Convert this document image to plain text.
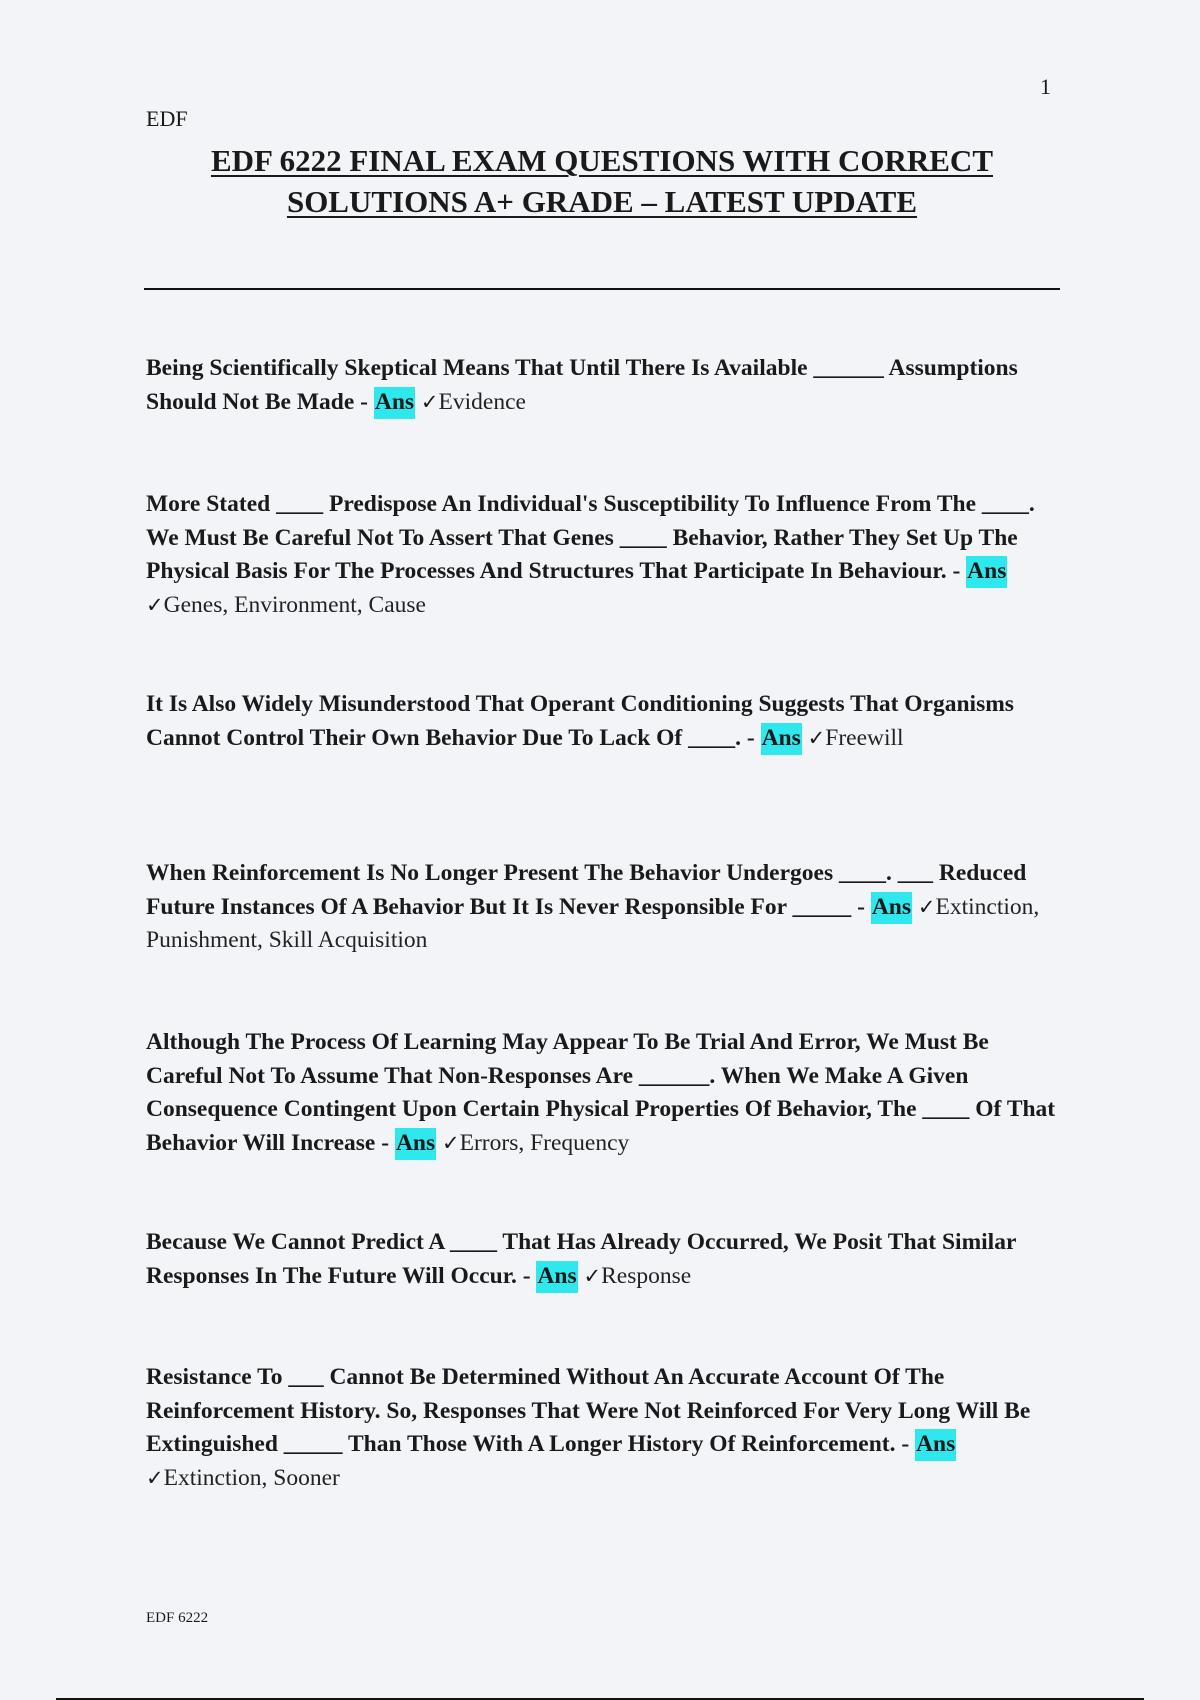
1
EDF
EDF 6222 FINAL EXAM QUESTIONS WITH CORRECT
SOLUTIONS A+ GRADE – LATEST UPDATE
Being Scientifically Skeptical Means That Until There Is Available ______ Assumptions Should Not Be Made - Ans ✓Evidence
More Stated ____ Predispose An Individual's Susceptibility To Influence From The ____. We Must Be Careful Not To Assert That Genes ____ Behavior, Rather They Set Up The Physical Basis For The Processes And Structures That Participate In Behaviour. - Ans ✓Genes, Environment, Cause
It Is Also Widely Misunderstood That Operant Conditioning Suggests That Organisms Cannot Control Their Own Behavior Due To Lack Of ____. - Ans ✓Freewill
When Reinforcement Is No Longer Present The Behavior Undergoes ____. ___ Reduced Future Instances Of A Behavior But It Is Never Responsible For _____ - Ans ✓Extinction, Punishment, Skill Acquisition
Although The Process Of Learning May Appear To Be Trial And Error, We Must Be Careful Not To Assume That Non-Responses Are ______. When We Make A Given Consequence Contingent Upon Certain Physical Properties Of Behavior, The ____ Of That Behavior Will Increase - Ans ✓Errors, Frequency
Because We Cannot Predict A ____ That Has Already Occurred, We Posit That Similar Responses In The Future Will Occur. - Ans ✓Response
Resistance To ___ Cannot Be Determined Without An Accurate Account Of The Reinforcement History. So, Responses That Were Not Reinforced For Very Long Will Be Extinguished _____ Than Those With A Longer History Of Reinforcement. - Ans ✓Extinction, Sooner
EDF 6222
